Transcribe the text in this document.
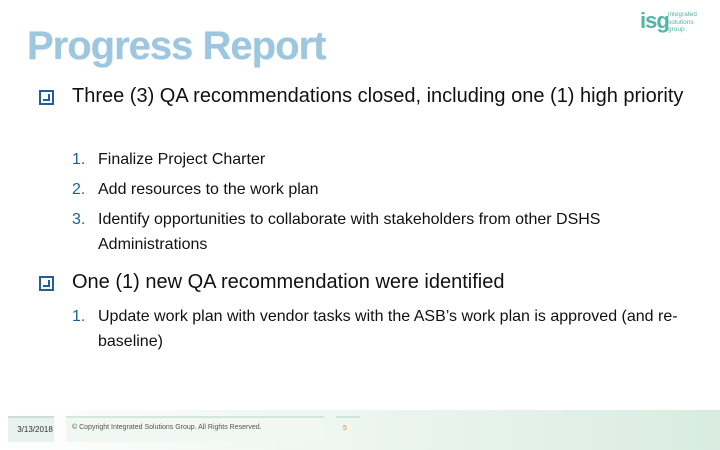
Progress Report
isg integrated
solutions
group
Three (3) QA recommendations closed, including one (1) high priority
1. Finalize Project Charter
2. Add resources to the work plan
3. Identify opportunities to collaborate with stakeholders from other DSHS Administrations
One (1) new QA recommendation were identified
1. Update work plan with vendor tasks with the ASB’s work plan is approved (and re-baseline)
3/13/2018	© Copyright Integrated Solutions Group. All Rights Reserved.	5
